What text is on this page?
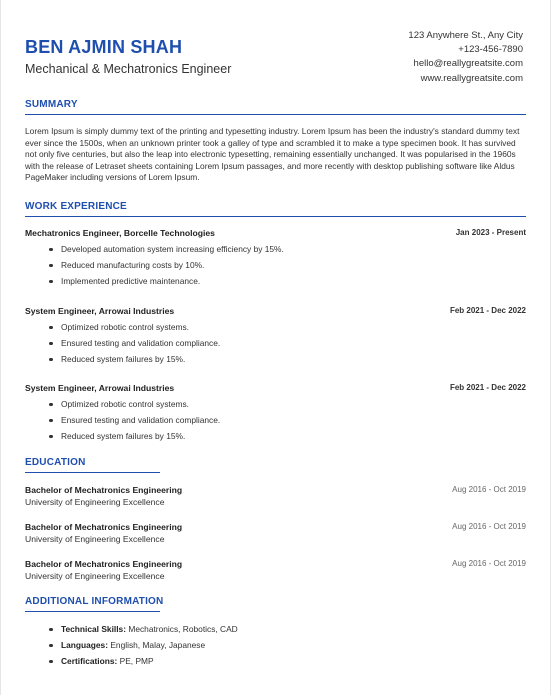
BEN AJMIN SHAH
Mechanical & Mechatronics Engineer
123 Anywhere St., Any City
+123-456-7890
hello@reallygreatsite.com
www.reallygreatsite.com
SUMMARY
Lorem Ipsum is simply dummy text of the printing and typesetting industry. Lorem Ipsum has been the industry's standard dummy text ever since the 1500s, when an unknown printer took a galley of type and scrambled it to make a type specimen book. It has survived not only five centuries, but also the leap into electronic typesetting, remaining essentially unchanged. It was popularised in the 1960s with the release of Letraset sheets containing Lorem Ipsum passages, and more recently with desktop publishing software like Aldus PageMaker including versions of Lorem Ipsum.
WORK EXPERIENCE
Mechatronics Engineer, Borcelle Technologies	Jan 2023 - Present
Developed automation system increasing efficiency by 15%.
Reduced manufacturing costs by 10%.
Implemented predictive maintenance.
System Engineer, Arrowai Industries	Feb 2021 - Dec 2022
Optimized robotic control systems.
Ensured testing and validation compliance.
Reduced system failures by 15%.
System Engineer, Arrowai Industries	Feb 2021 - Dec 2022
Optimized robotic control systems.
Ensured testing and validation compliance.
Reduced system failures by 15%.
EDUCATION
Bachelor of Mechatronics Engineering	Aug 2016 - Oct 2019
University of Engineering Excellence
Bachelor of Mechatronics Engineering	Aug 2016 - Oct 2019
University of Engineering Excellence
Bachelor of Mechatronics Engineering	Aug 2016 - Oct 2019
University of Engineering Excellence
ADDITIONAL INFORMATION
Technical Skills: Mechatronics, Robotics, CAD
Languages: English, Malay, Japanese
Certifications: PE, PMP
